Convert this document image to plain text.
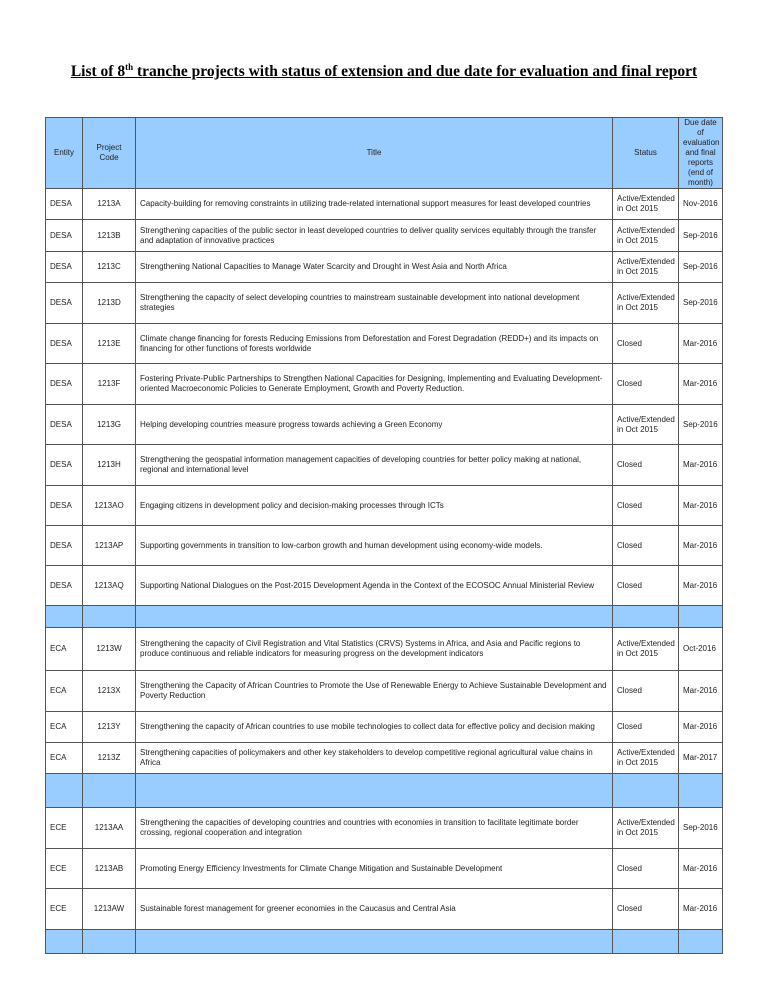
List of 8th tranche projects with status of extension and due date for evaluation and final report
Entity	Project Code	Title	Status	Due date of evaluation and final reports (end of month)
DESA	1213A	Capacity-building for removing constraints in utilizing trade-related international support measures for least developed countries	Active/Extended in Oct 2015	Nov-2016
DESA	1213B	Strengthening capacities of the public sector in least developed countries to deliver quality services equitably through the transfer and adaptation of innovative practices	Active/Extended in Oct 2015	Sep-2016
DESA	1213C	Strengthening National Capacities to Manage Water Scarcity and Drought in West Asia and North Africa	Active/Extended in Oct 2015	Sep-2016
DESA	1213D	Strengthening the capacity of select developing countries to mainstream sustainable development into national development strategies	Active/Extended in Oct 2015	Sep-2016
DESA	1213E	Climate change financing for forests Reducing Emissions from Deforestation and Forest Degradation (REDD+) and its impacts on financing for other functions of forests worldwide	Closed	Mar-2016
DESA	1213F	Fostering Private-Public Partnerships to Strengthen National Capacities for Designing, Implementing and Evaluating Development-oriented Macroeconomic Policies to Generate Employment, Growth and Poverty Reduction.	Closed	Mar-2016
DESA	1213G	Helping developing countries measure progress towards achieving a Green Economy	Active/Extended in Oct 2015	Sep-2016
DESA	1213H	Strengthening the geospatial information management capacities of developing countries for better policy making at national, regional and international level	Closed	Mar-2016
DESA	1213AO	Engaging citizens in development policy and decision-making processes through ICTs	Closed	Mar-2016
DESA	1213AP	Supporting governments in transition to low-carbon growth and human development using economy-wide models.	Closed	Mar-2016
DESA	1213AQ	Supporting National Dialogues on the Post-2015 Development Agenda in the Context of the ECOSOC Annual Ministerial Review	Closed	Mar-2016

ECA	1213W	Strengthening the capacity of Civil Registration and Vital Statistics (CRVS) Systems in Africa, and Asia and Pacific regions to produce continuous and reliable indicators for measuring progress on the development indicators	Active/Extended in Oct 2015	Oct-2016
ECA	1213X	Strengthening the Capacity of African Countries to Promote the Use of Renewable Energy to Achieve Sustainable Development and Poverty Reduction	Closed	Mar-2016
ECA	1213Y	Strengthening the capacity of African countries to use mobile technologies to collect data for effective policy and decision making	Closed	Mar-2016
ECA	1213Z	Strengthening capacities of policymakers and other key stakeholders to develop competitive regional agricultural value chains in Africa	Active/Extended in Oct 2015	Mar-2017

ECE	1213AA	Strengthening the capacities of developing countries and countries with economies in transition to facilitate legitimate border crossing, regional cooperation and integration	Active/Extended in Oct 2015	Sep-2016
ECE	1213AB	Promoting Energy Efficiency Investments for Climate Change Mitigation and Sustainable Development	Closed	Mar-2016
ECE	1213AW	Sustainable forest management for greener economies in the Caucasus and Central Asia	Closed	Mar-2016
